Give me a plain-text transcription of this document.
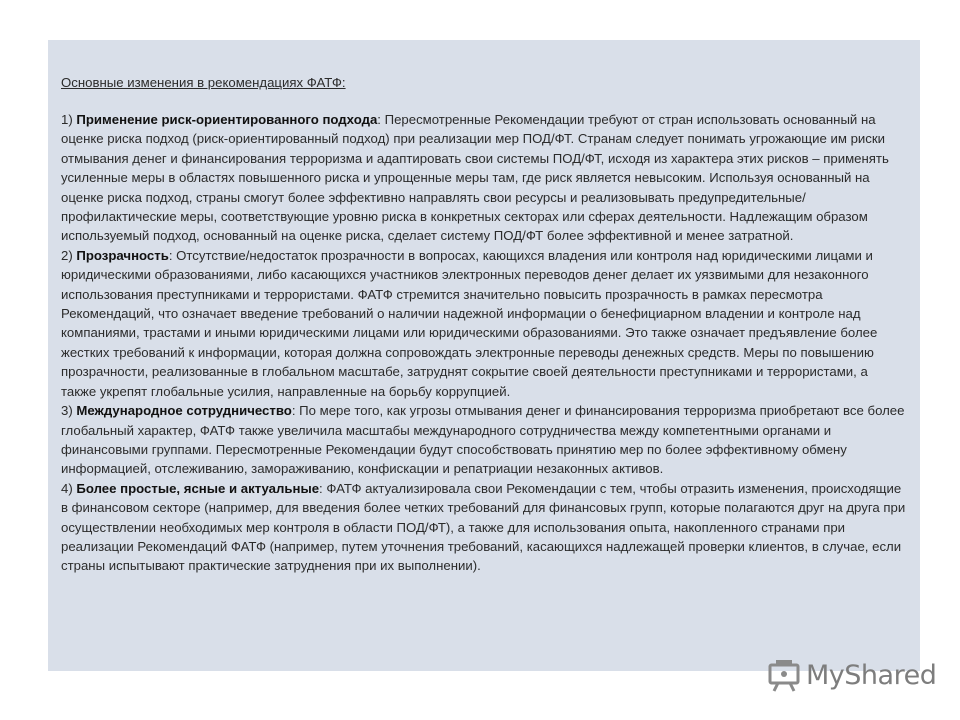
Основные изменения в рекомендациях ФАТФ:

1) Применение риск-ориентированного подхода: Пересмотренные Рекомендации требуют от стран использовать основанный на оценке риска подход (риск-ориентированный подход) при реализации мер ПОД/ФТ. Странам следует понимать угрожающие им риски отмывания денег и финансирования терроризма и адаптировать свои системы ПОД/ФТ, исходя из характера этих рисков – применять усиленные меры в областях повышенного риска и упрощенные меры там, где риск является невысоким. Используя основанный на оценке риска подход, страны смогут более эффективно направлять свои ресурсы и реализовывать предупредительные/профилактические меры, соответствующие уровню риска в конкретных секторах или сферах деятельности. Надлежащим образом используемый подход, основанный на оценке риска, сделает систему ПОД/ФТ более эффективной и менее затратной.

2) Прозрачность: Отсутствие/недостаток прозрачности в вопросах, кающихся владения или контроля над юридическими лицами и юридическими образованиями, либо касающихся участников электронных переводов денег делает их уязвимыми для незаконного использования преступниками и террористами. ФАТФ стремится значительно повысить прозрачность в рамках пересмотра Рекомендаций, что означает введение требований о наличии надежной информации о бенефициарном владении и контроле над компаниями, трастами и иными юридическими лицами или юридическими образованиями. Это также означает предъявление более жестких требований к информации, которая должна сопровождать электронные переводы денежных средств. Меры по повышению прозрачности, реализованные в глобальном масштабе, затруднят сокрытие своей деятельности преступниками и террористами, а также укрепят глобальные усилия, направленные на борьбу коррупцией.

3) Международное сотрудничество: По мере того, как угрозы отмывания денег и финансирования терроризма приобретают все более глобальный характер, ФАТФ также увеличила масштабы международного сотрудничества между компетентными органами и финансовыми группами. Пересмотренные Рекомендации будут способствовать принятию мер по более эффективному обмену информацией, отслеживанию, замораживанию, конфискации и репатриации незаконных активов.

4) Более простые, ясные и актуальные: ФАТФ актуализировала свои Рекомендации с тем, чтобы отразить изменения, происходящие в финансовом секторе (например, для введения более четких требований для финансовых групп, которые полагаются друг на друга при осуществлении необходимых мер контроля в области ПОД/ФТ), а также для использования опыта, накопленного странами при реализации Рекомендаций ФАТФ (например, путем уточнения требований, касающихся надлежащей проверки клиентов, в случае, если страны испытывают практические затруднения при их выполнении).

MyShared
